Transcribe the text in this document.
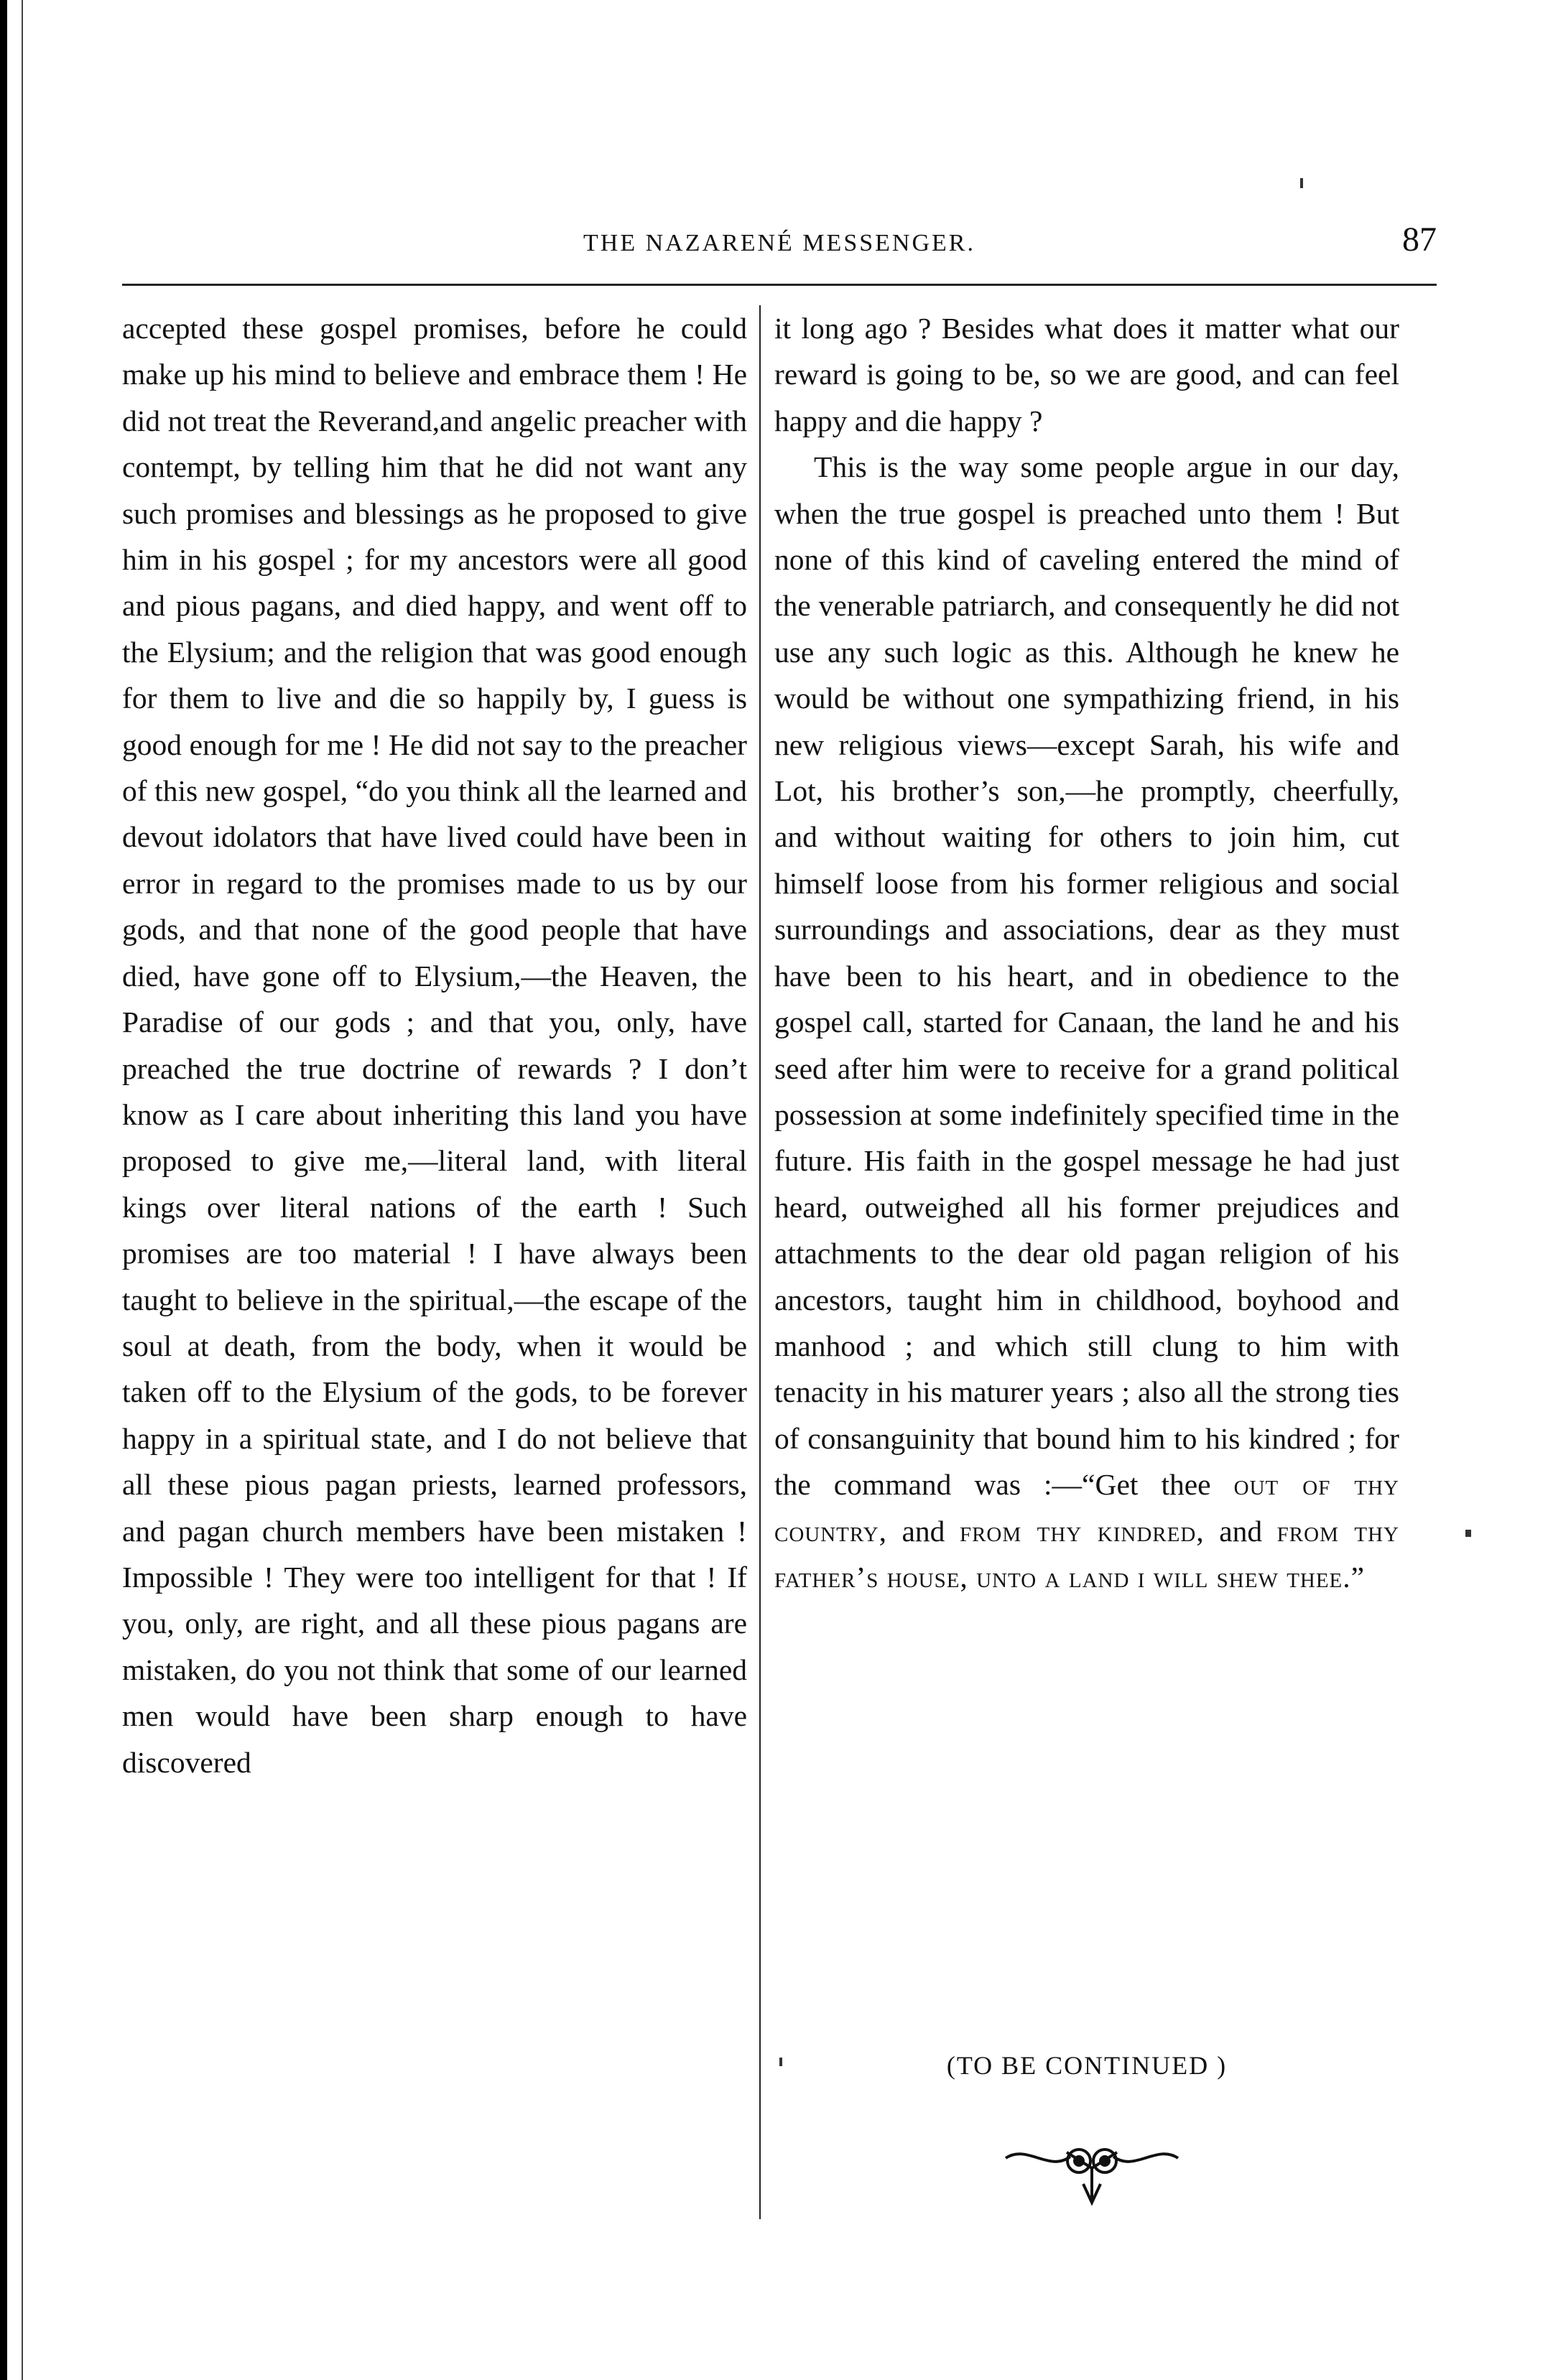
THE NAZARENÉ MESSENGER.	87

accepted these gospel promises, before he could make up his mind to believe and embrace them ! He did not treat the Reverand,and angelic preacher with contempt, by telling him that he did not want any such promises and blessings as he proposed to give him in his gospel ; for my ancestors were all good and pious pagans, and died happy, and went off to the Elysium; and the religion that was good enough for them to live and die so happily by, I guess is good enough for me ! He did not say to the preacher of this new gospel, “do you think all the learned and devout idolators that have lived could have been in error in regard to the promises made to us by our gods, and that none of the good people that have died, have gone off to Elysium,—the Heaven, the Paradise of our gods ; and that you, only, have preached the true doctrine of rewards ? I don’t know as I care about inheriting this land you have proposed to give me,—literal land, with literal kings over literal nations of the earth ! Such promises are too material ! I have always been taught to believe in the spiritual,—the escape of the soul at death, from the body, when it would be taken off to the Elysium of the gods, to be forever happy in a spiritual state, and I do not believe that all these pious pagan priests, learned professors, and pagan church members have been mistaken ! Impossible ! They were too intelligent for that ! If you, only, are right, and all these pious pagans are mistaken, do you not think that some of our learned men would have been sharp enough to have discovered

it long ago ? Besides what does it matter what our reward is going to be, so we are good, and can feel happy and die happy ?

This is the way some people argue in our day, when the true gospel is preached unto them ! But none of this kind of caveling entered the mind of the venerable patriarch, and consequently he did not use any such logic as this. Although he knew he would be without one sympathizing friend, in his new religious views—except Sarah, his wife and Lot, his brother’s son,—he promptly, cheerfully, and without waiting for others to join him, cut himself loose from his former religious and social surroundings and associations, dear as they must have been to his heart, and in obedience to the gospel call, started for Canaan, the land he and his seed after him were to receive for a grand political possession at some indefinitely specified time in the future. His faith in the gospel message he had just heard, outweighed all his former prejudices and attachments to the dear old pagan religion of his ancestors, taught him in childhood, boyhood and manhood ; and which still clung to him with tenacity in his maturer years ; also all the strong ties of consanguinity that bound him to his kindred ; for the command was :—“Get thee out of thy country, and from thy kindred, and from thy father’s house, unto a land i will shew thee.”

(TO BE CONTINUED )
